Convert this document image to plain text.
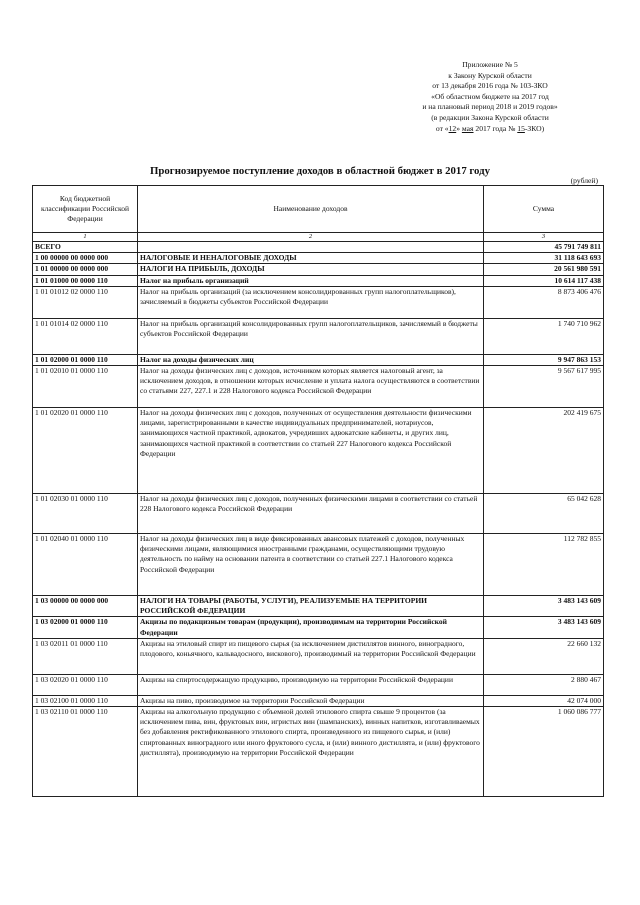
Приложение № 5
к Закону Курской области
от 13 декабря 2016 года № 103-ЗКО
«Об областном бюджете на 2017 год
и на плановый период 2018 и 2019 годов»
(в редакции Закона Курской области
от «12» мая 2017 года № 15-ЗКО)
Прогнозируемое поступление доходов в областной бюджет в 2017 году
(рублей)
Код бюджетной классификации Российской Федерации	Наименование доходов	Сумма
1	2	3
ВСЕГО		45 791 749 811
1 00 00000 00 0000 000	НАЛОГОВЫЕ И НЕНАЛОГОВЫЕ ДОХОДЫ	31 118 643 693
1 01 00000 00 0000 000	НАЛОГИ НА ПРИБЫЛЬ, ДОХОДЫ	20 561 980 591
1 01 01000 00 0000 110	Налог на прибыль организаций	10 614 117 438
1 01 01012 02 0000 110	Налог на прибыль организаций (за исключением консолидированных групп налогоплательщиков), зачисляемый в бюджеты субъектов Российской Федерации	8 873 406 476
1 01 01014 02 0000 110	Налог на прибыль организаций консолидированных групп налогоплательщиков, зачисляемый в бюджеты субъектов Российской Федерации	1 740 710 962
1 01 02000 01 0000 110	Налог на доходы физических лиц	9 947 863 153
1 01 02010 01 0000 110	Налог на доходы физических лиц с доходов, источником которых является налоговый агент, за исключением доходов, в отношении которых исчисление и уплата налога осуществляются в соответствии со статьями 227, 227.1 и 228 Налогового кодекса Российской Федерации	9 567 617 995
1 01 02020 01 0000 110	Налог на доходы физических лиц с доходов, полученных от осуществления деятельности физическими лицами, зарегистрированными в качестве индивидуальных предпринимателей, нотариусов, занимающихся частной практикой, адвокатов, учредивших адвокатские кабинеты, и других лиц, занимающихся частной практикой в соответствии со статьей 227 Налогового кодекса Российской Федерации	202 419 675
1 01 02030 01 0000 110	Налог на доходы физических лиц с доходов, полученных физическими лицами в соответствии со статьей 228 Налогового кодекса Российской Федерации	65 042 628
1 01 02040 01 0000 110	Налог на доходы физических лиц в виде фиксированных авансовых платежей с доходов, полученных физическими лицами, являющимися иностранными гражданами, осуществляющими трудовую деятельность по найму на основании патента в соответствии со статьей 227.1 Налогового кодекса Российской Федерации	112 782 855
1 03 00000 00 0000 000	НАЛОГИ НА ТОВАРЫ (РАБОТЫ, УСЛУГИ), РЕАЛИЗУЕМЫЕ НА ТЕРРИТОРИИ РОССИЙСКОЙ ФЕДЕРАЦИИ	3 483 143 609
1 03 02000 01 0000 110	Акцизы по подакцизным товарам (продукции), производимым на территории Российской Федерации	3 483 143 609
1 03 02011 01 0000 110	Акцизы на этиловый спирт из пищевого сырья (за исключением дистиллятов винного, виноградного, плодового, коньячного, кальвадосного, вискового), производимый на территории Российской Федерации	22 660 132
1 03 02020 01 0000 110	Акцизы на спиртосодержащую продукцию, производимую на территории Российской Федерации	2 880 467
1 03 02100 01 0000 110	Акцизы на пиво, производимое на территории Российской Федерации	42 074 000
1 03 02110 01 0000 110	Акцизы на алкогольную продукцию с объемной долей этилового спирта свыше 9 процентов (за исключением пива, вин, фруктовых вин, игристых вин (шампанских), винных напитков, изготавливаемых без добавления ректификованного этилового спирта, произведенного из пищевого сырья, и (или) спиртованных виноградного или иного фруктового сусла, и (или) винного дистиллята, и (или) фруктового дистиллята), производимую на территории Российской Федерации	1 060 086 777
